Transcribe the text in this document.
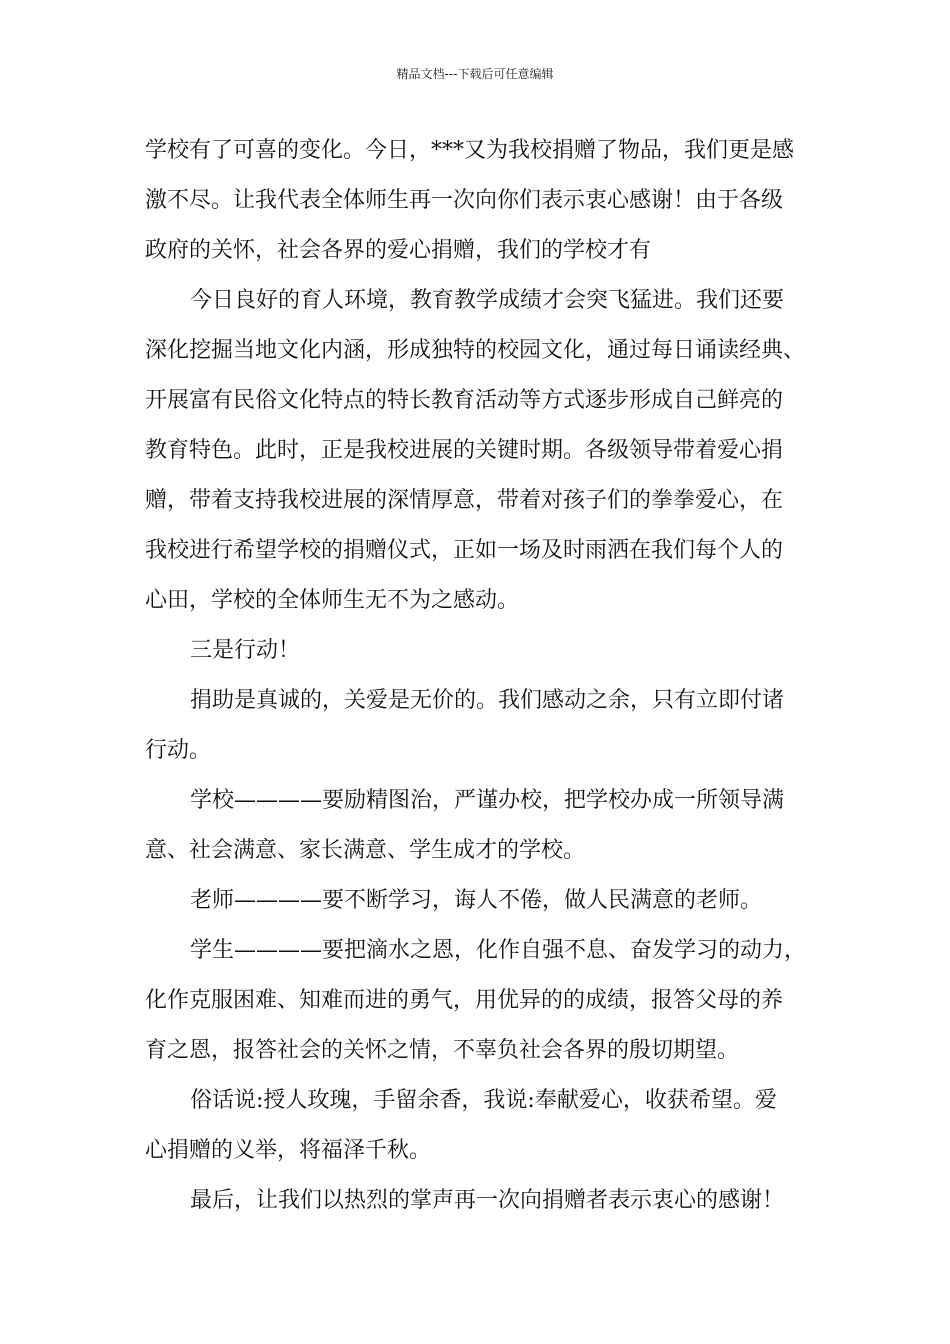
精品文档---下载后可任意编辑
学校有了可喜的变化。今日，***又为我校捐赠了物品，我们更是感
激不尽。让我代表全体师生再一次向你们表示衷心感谢！由于各级
政府的关怀，社会各界的爱心捐赠，我们的学校才有
今日良好的育人环境，教育教学成绩才会突飞猛进。我们还要
深化挖掘当地文化内涵，形成独特的校园文化，通过每日诵读经典、
开展富有民俗文化特点的特长教育活动等方式逐步形成自己鲜亮的
教育特色。此时，正是我校进展的关键时期。各级领导带着爱心捐
赠，带着支持我校进展的深情厚意，带着对孩子们的拳拳爱心，在
我校进行希望学校的捐赠仪式，正如一场及时雨洒在我们每个人的
心田，学校的全体师生无不为之感动。
三是行动！
捐助是真诚的，关爱是无价的。我们感动之余，只有立即付诸
行动。
学校————要励精图治，严谨办校，把学校办成一所领导满
意、社会满意、家长满意、学生成才的学校。
老师————要不断学习，诲人不倦，做人民满意的老师。
学生————要把滴水之恩，化作自强不息、奋发学习的动力，
化作克服困难、知难而进的勇气，用优异的的成绩，报答父母的养
育之恩，报答社会的关怀之情，不辜负社会各界的殷切期望。
俗话说:授人玫瑰，手留余香，我说:奉献爱心，收获希望。爱
心捐赠的义举，将福泽千秋。
最后，让我们以热烈的掌声再一次向捐赠者表示衷心的感谢！
